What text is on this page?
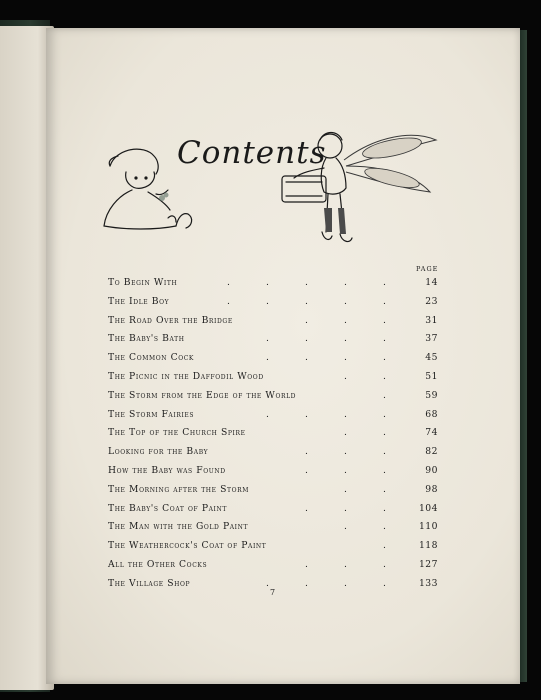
Contents
PAGE
To Begin With	.	.	.	.	.	14
The Idle Boy	.	.	.	.	.	23
The Road Over the Bridge	.	.	.	31
The Baby's Bath	.	.	.	.	37
The Common Cock	.	.	.	.	45
The Picnic in the Daffodil Wood	.	.	51
The Storm from the Edge of the World	.	59
The Storm Fairies	.	.	.	.	68
The Top of the Church Spire	.	.	74
Looking for the Baby	.	.	.	82
How the Baby was Found	.	.	.	90
The Morning after the Storm	.	.	98
The Baby's Coat of Paint	.	.	.	104
The Man with the Gold Paint	.	.	110
The Weathercock's Coat of Paint	.	118
All the Other Cocks	.	.	.	127
The Village Shop	.	.	.	.	133
7
